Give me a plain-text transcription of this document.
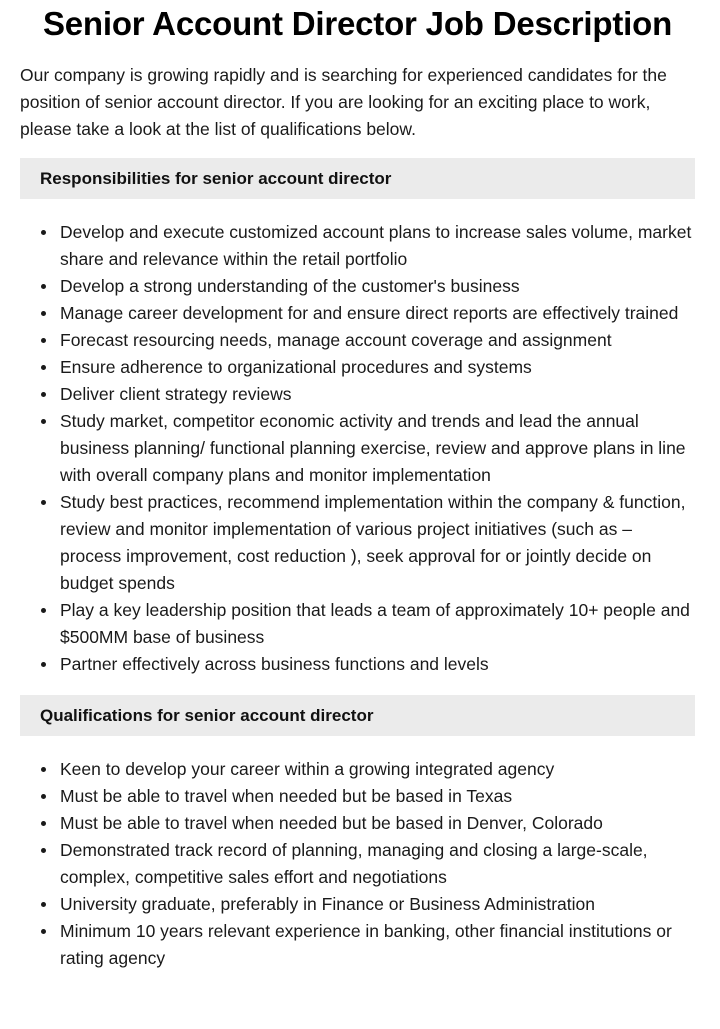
Senior Account Director Job Description

Our company is growing rapidly and is searching for experienced candidates for the position of senior account director. If you are looking for an exciting place to work, please take a look at the list of qualifications below.

Responsibilities for senior account director
Develop and execute customized account plans to increase sales volume, market share and relevance within the retail portfolio
Develop a strong understanding of the customer's business
Manage career development for and ensure direct reports are effectively trained
Forecast resourcing needs, manage account coverage and assignment
Ensure adherence to organizational procedures and systems
Deliver client strategy reviews
Study market, competitor economic activity and trends and lead the annual business planning/ functional planning exercise, review and approve plans in line with overall company plans and monitor implementation
Study best practices, recommend implementation within the company & function, review and monitor implementation of various project initiatives (such as – process improvement, cost reduction ), seek approval for or jointly decide on budget spends
Play a key leadership position that leads a team of approximately 10+ people and $500MM base of business
Partner effectively across business functions and levels
Qualifications for senior account director
Keen to develop your career within a growing integrated agency
Must be able to travel when needed but be based in Texas
Must be able to travel when needed but be based in Denver, Colorado
Demonstrated track record of planning, managing and closing a large-scale, complex, competitive sales effort and negotiations
University graduate, preferably in Finance or Business Administration
Minimum 10 years relevant experience in banking, other financial institutions or rating agency
